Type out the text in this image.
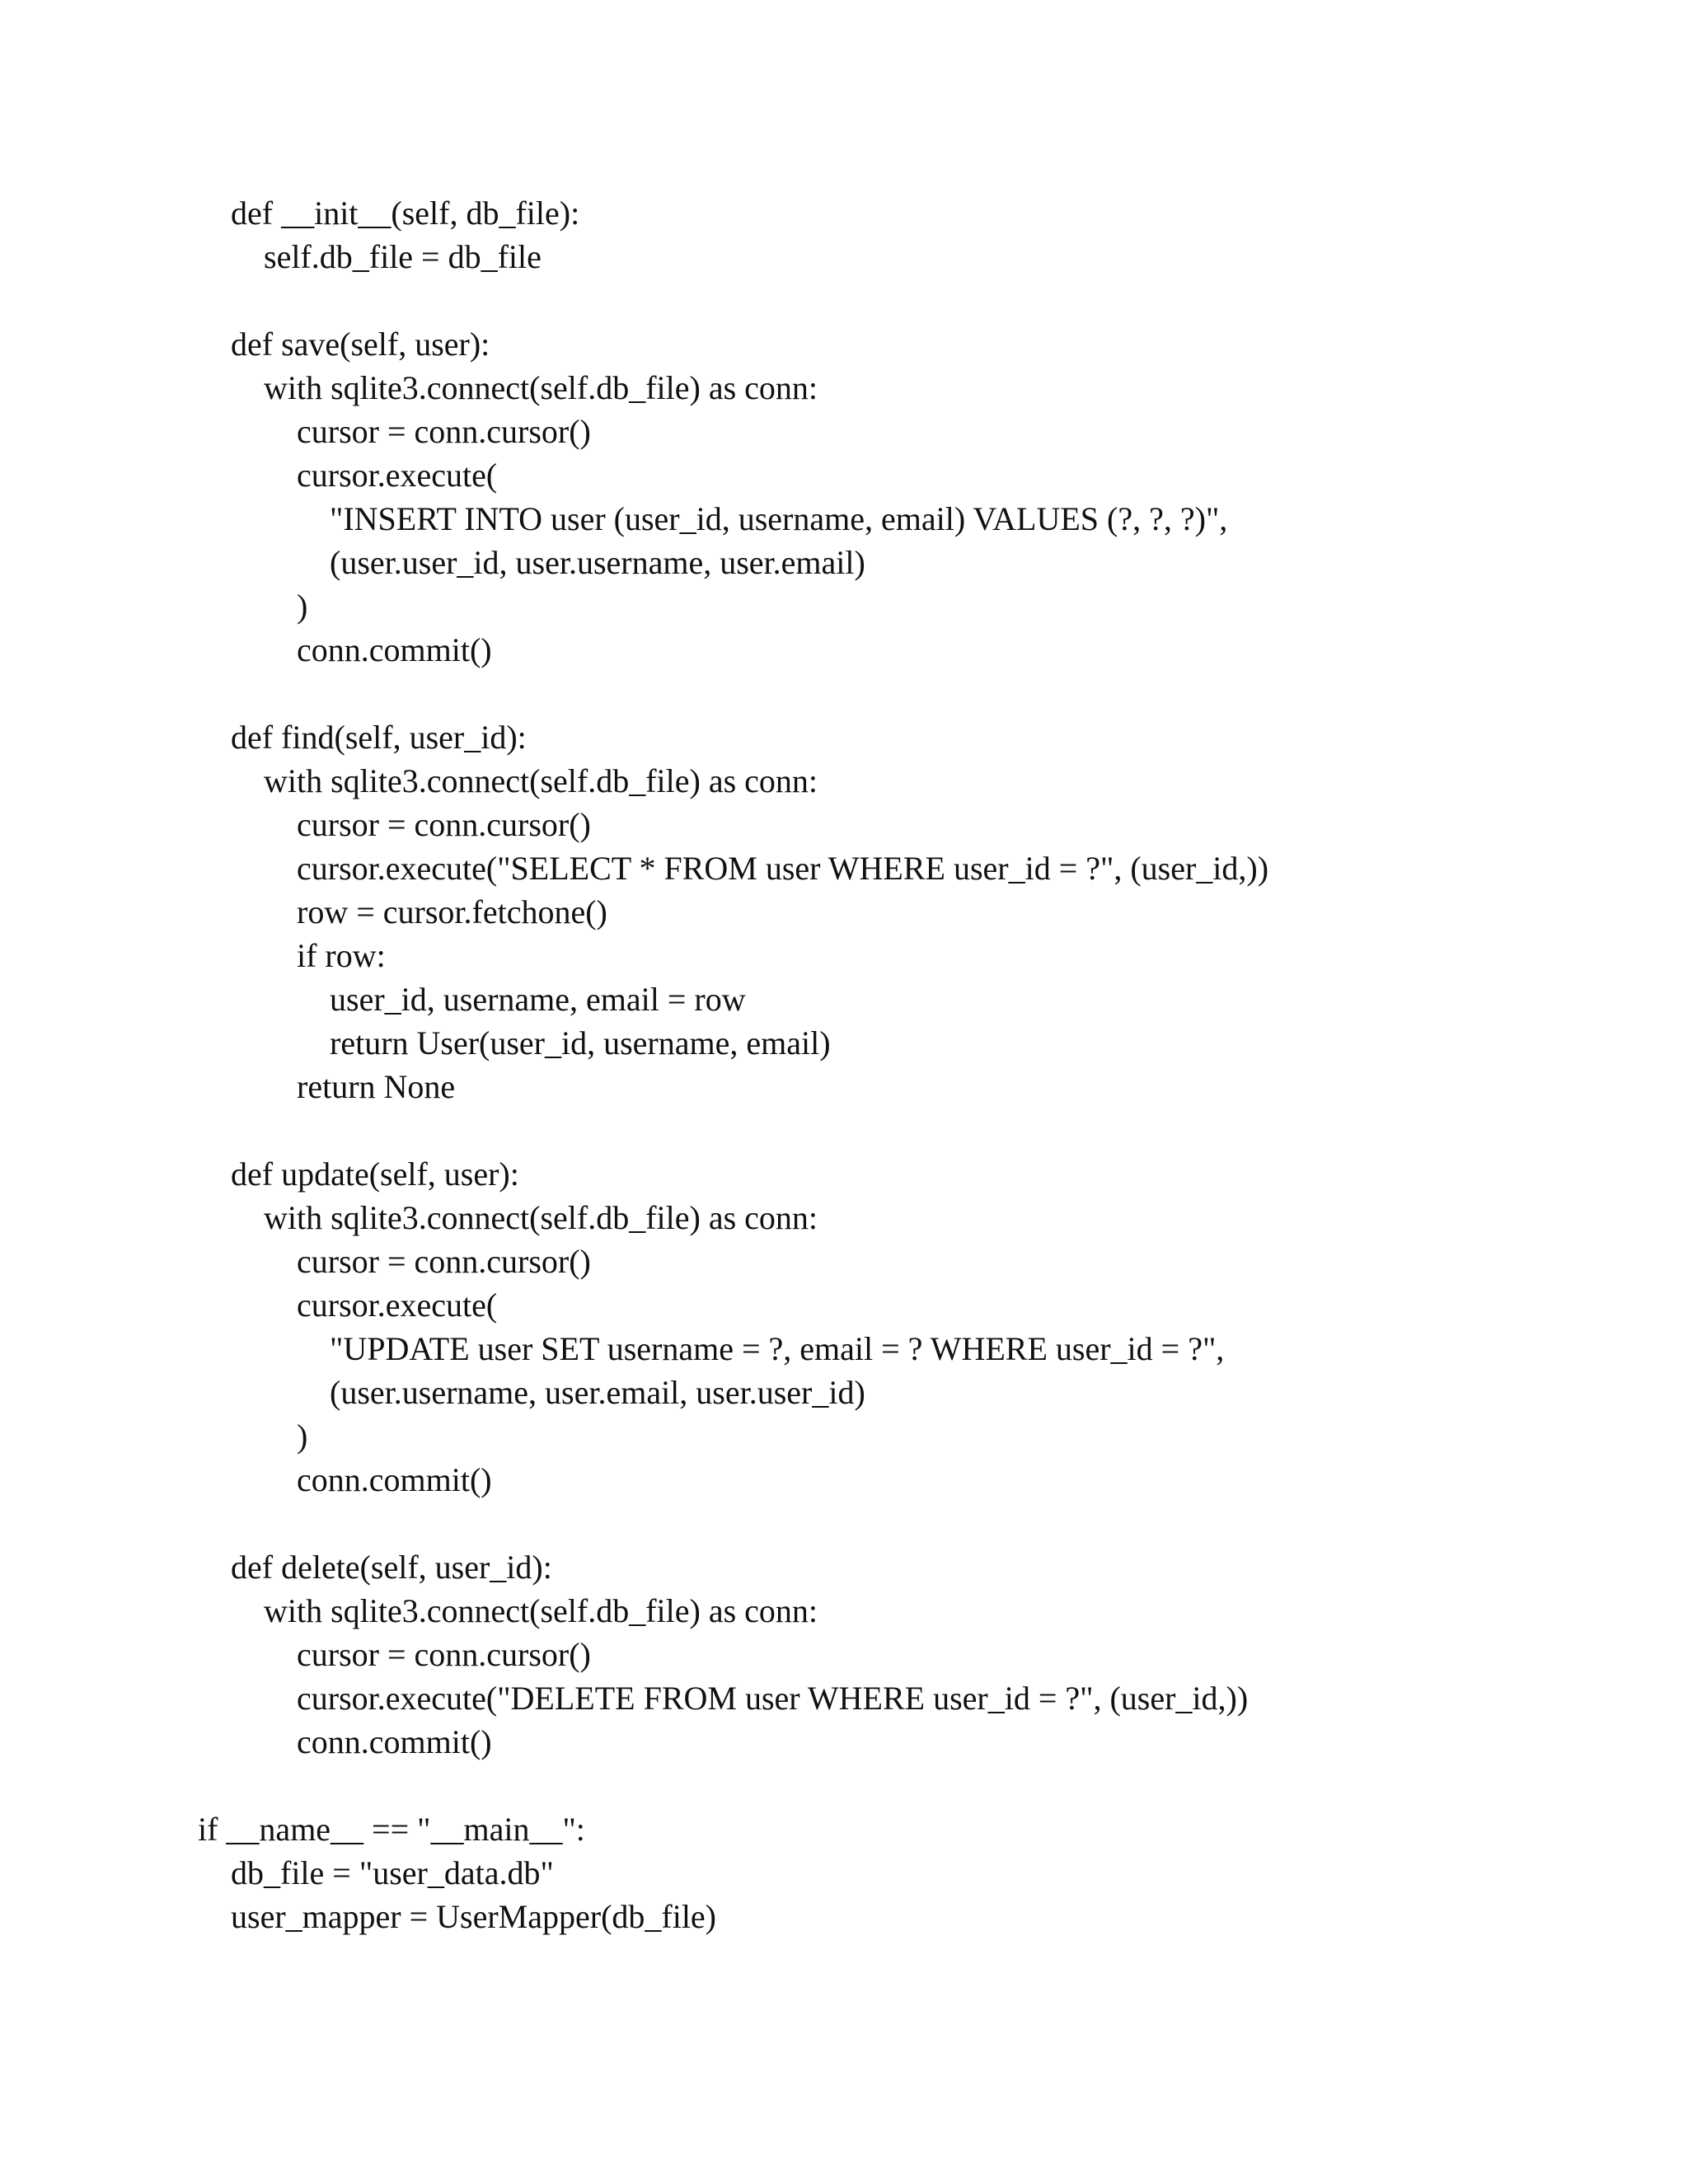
def __init__(self, db_file):
self.db_file = db_file
def save(self, user):
with sqlite3.connect(self.db_file) as conn:
cursor = conn.cursor()
cursor.execute(
"INSERT INTO user (user_id, username, email) VALUES (?, ?, ?)",
(user.user_id, user.username, user.email)
)
conn.commit()
def find(self, user_id):
with sqlite3.connect(self.db_file) as conn:
cursor = conn.cursor()
cursor.execute("SELECT * FROM user WHERE user_id = ?", (user_id,))
row = cursor.fetchone()
if row:
user_id, username, email = row
return User(user_id, username, email)
return None
def update(self, user):
with sqlite3.connect(self.db_file) as conn:
cursor = conn.cursor()
cursor.execute(
"UPDATE user SET username = ?, email = ? WHERE user_id = ?",
(user.username, user.email, user.user_id)
)
conn.commit()
def delete(self, user_id):
with sqlite3.connect(self.db_file) as conn:
cursor = conn.cursor()
cursor.execute("DELETE FROM user WHERE user_id = ?", (user_id,))
conn.commit()
if __name__ == "__main__":
db_file = "user_data.db"
user_mapper = UserMapper(db_file)
